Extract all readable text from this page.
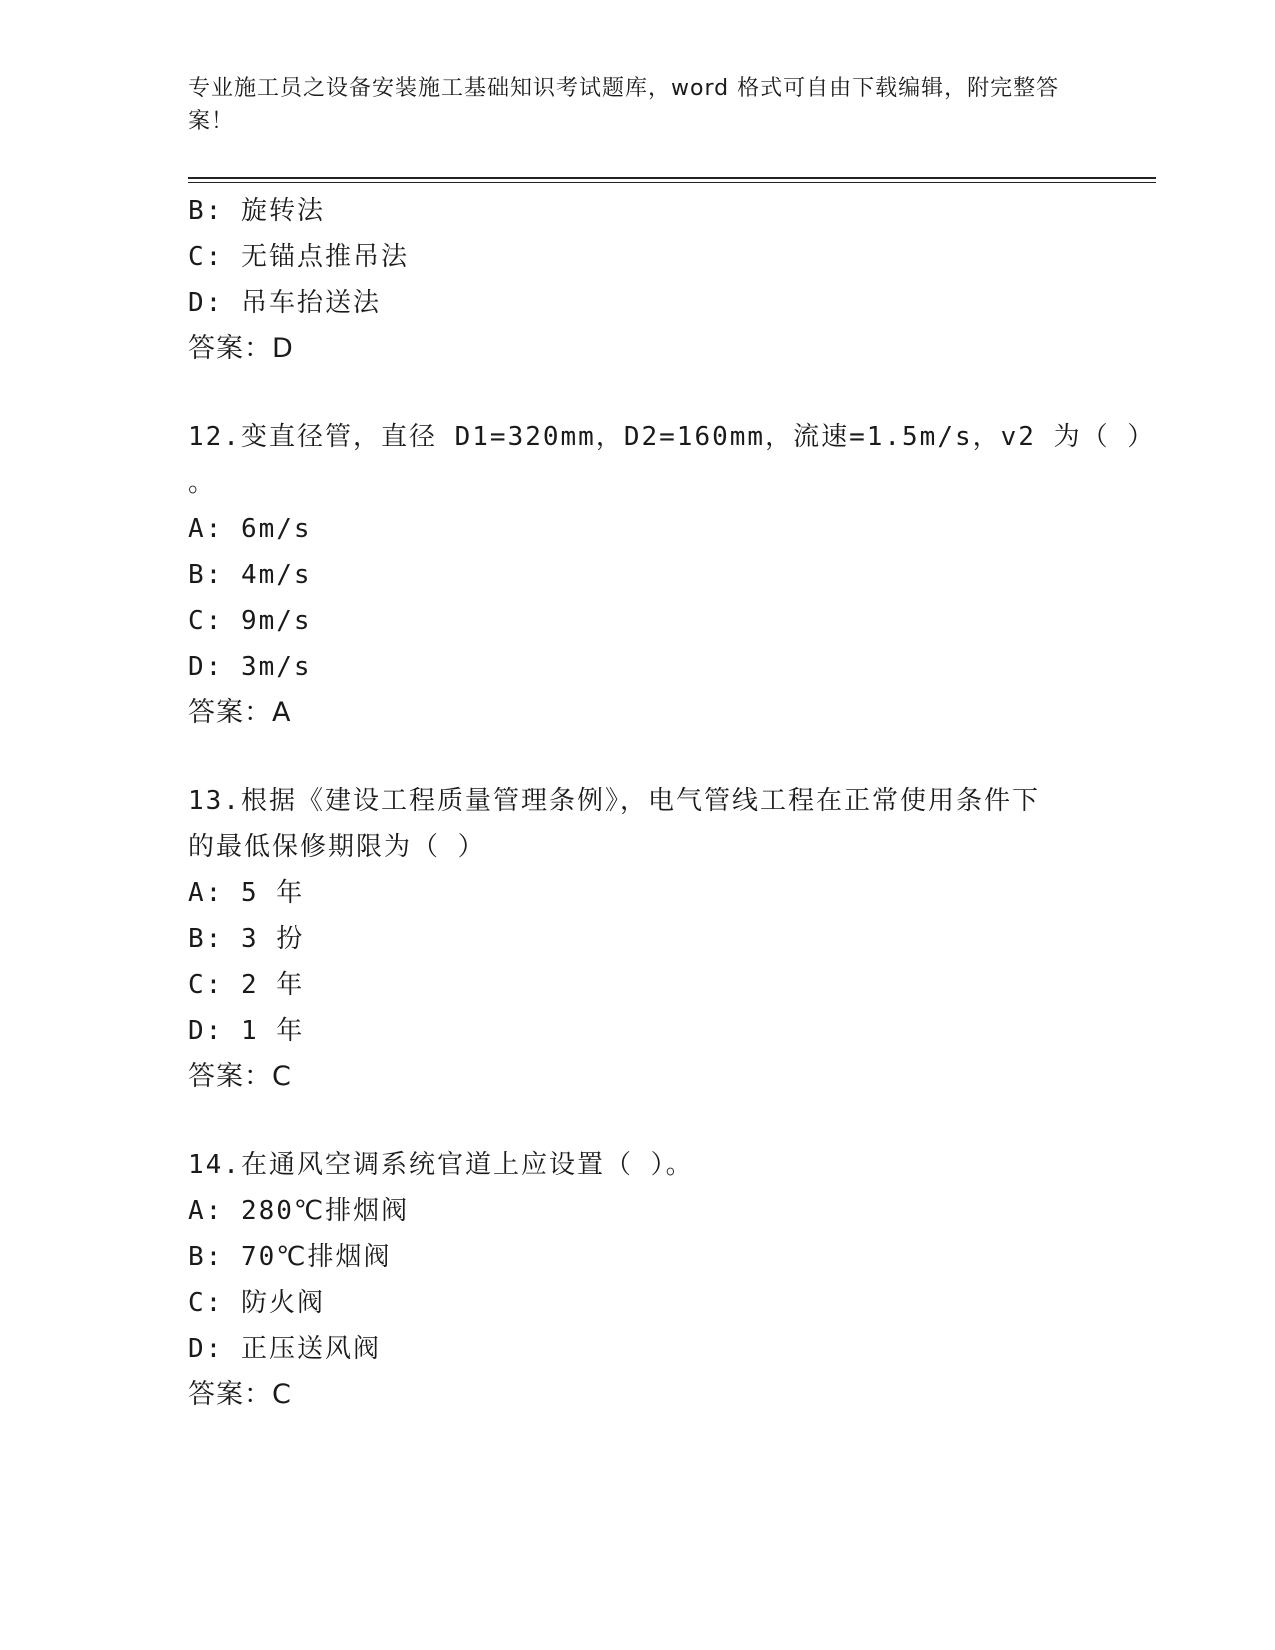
专业施工员之设备安装施工基础知识考试题库，word 格式可自由下载编辑，附完整答案！
B: 旋转法
C: 无锚点推吊法
D: 吊车抬送法
答案：D
12.变直径管，直径 D1=320mm，D2=160mm，流速=1.5m/s，v2 为（ ）
。
A: 6m/s
B: 4m/s
C: 9m/s
D: 3m/s
答案：A
13.根据《建设工程质量管理条例》，电气管线工程在正常使用条件下
的最低保修期限为（ ）
A: 5 年
B: 3 扮
C: 2 年
D: 1 年
答案：C
14.在通风空调系统官道上应设置（ ）。
A: 280℃排烟阀
B: 70℃排烟阀
C: 防火阀
D: 正压送风阀
答案：C
